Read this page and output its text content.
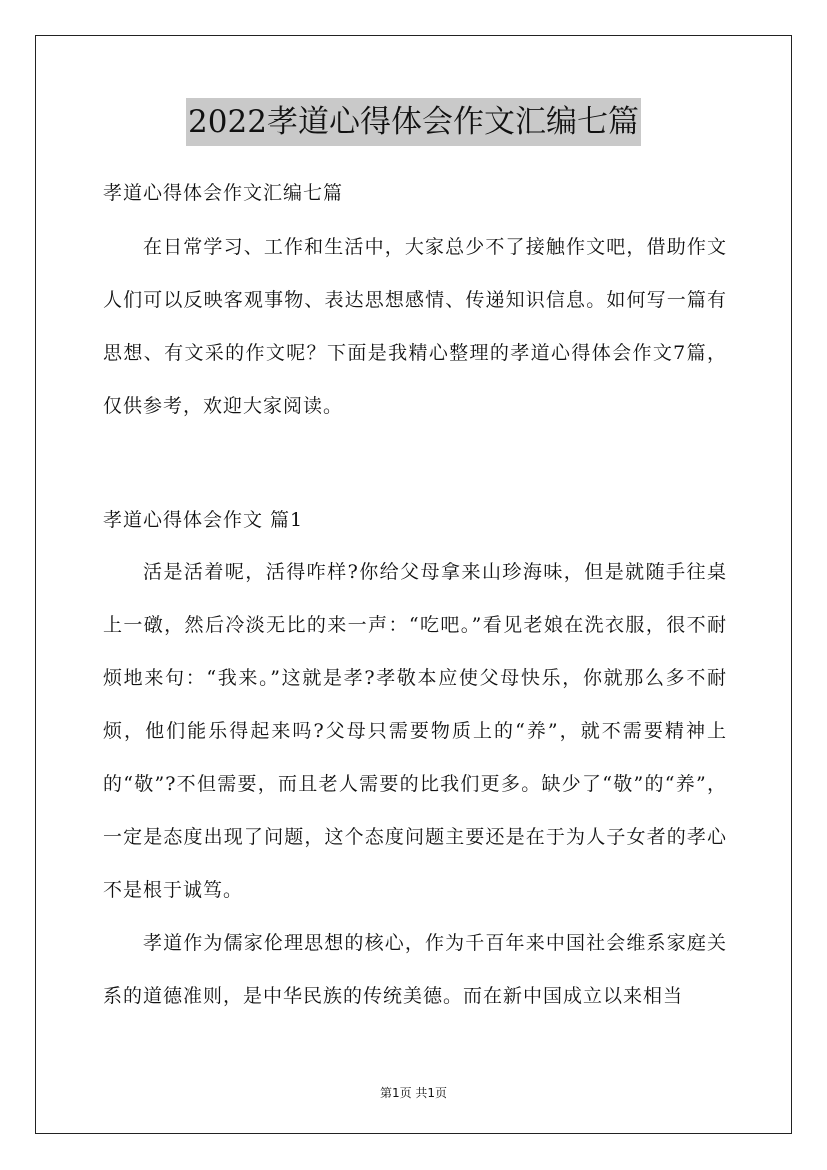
2022孝道心得体会作文汇编七篇
孝道心得体会作文汇编七篇

在日常学习、工作和生活中，大家总少不了接触作文吧，借助作文人们可以反映客观事物、表达思想感情、传递知识信息。如何写一篇有思想、有文采的作文呢？下面是我精心整理的孝道心得体会作文7篇，仅供参考，欢迎大家阅读。

孝道心得体会作文 篇1

活是活着呢，活得咋样?你给父母拿来山珍海味，但是就随手往桌上一礅，然后冷淡无比的来一声：“吃吧。”看见老娘在洗衣服，很不耐烦地来句：“我来。”这就是孝?孝敬本应使父母快乐，你就那么多不耐烦，他们能乐得起来吗?父母只需要物质上的“养”，就不需要精神上的“敬”?不但需要，而且老人需要的比我们更多。缺少了“敬”的“养”，一定是态度出现了问题，这个态度问题主要还是在于为人子女者的孝心不是根于诚笃。

孝道作为儒家伦理思想的核心，作为千百年来中国社会维系家庭关系的道德准则，是中华民族的传统美德。而在新中国成立以来相当

第1页 共1页
